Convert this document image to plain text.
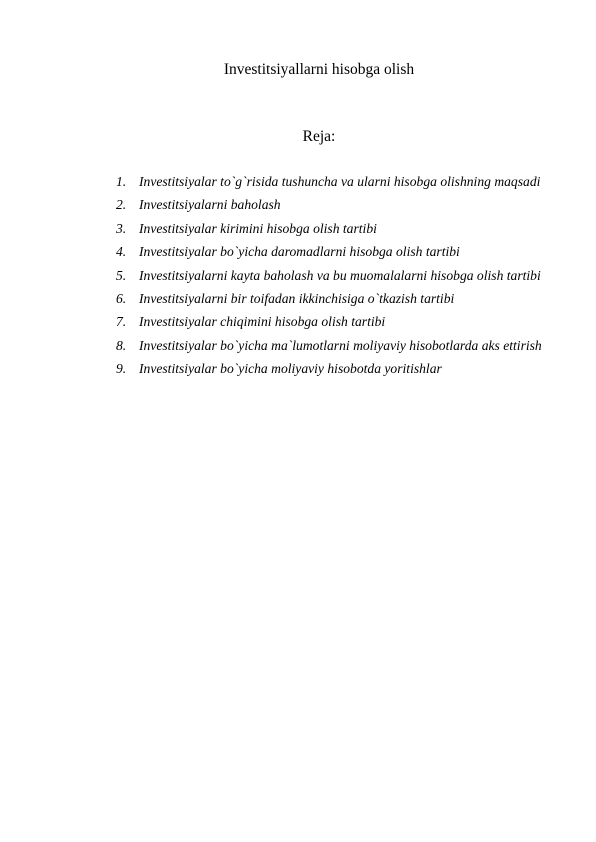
Investitsiyallarni hisobga olish
Reja:
1. Investitsiyalar to`g`risida tushuncha va ularni hisobga olishning maqsadi
2. Investitsiyalarni baholash
3. Investitsiyalar kirimini hisobga olish tartibi
4. Investitsiyalar bo`yicha daromadlarni hisobga olish tartibi
5. Investitsiyalarni kayta baholash va bu muomalalarni hisobga olish tartibi
6. Investitsiyalarni bir toifadan ikkinchisiga o`tkazish tartibi
7. Investitsiyalar chiqimini hisobga olish tartibi
8. Investitsiyalar bo`yicha ma`lumotlarni moliyaviy hisobotlarda aks ettirish
9. Investitsiyalar bo`yicha moliyaviy hisobotda yoritishlar
